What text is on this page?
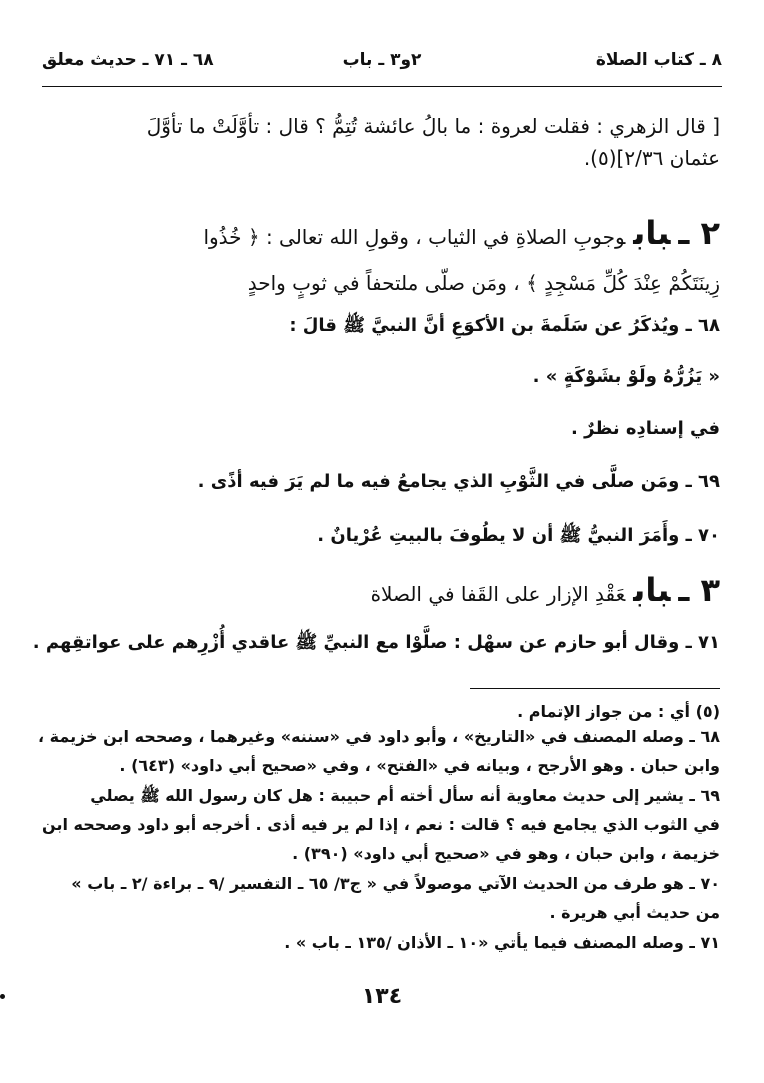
٨ ـ كتاب الصلاة
٢و٣ ـ باب
٦٨ ـ ٧١ ـ حديث معلق
[ قال الزهري : فقلت لعروة : ما بالُ عائشة تُتِمُّ ؟ قال : تأوَّلَتْ ما تأوَّلَ
عثمان ٢/٣٦](٥).
٢ ـبابوجوبِ الصلاةِ في الثياب ، وقولِ الله تعالى : ﴿ خُذُوا
زِينَتَكُمْ عِنْدَ كُلِّ مَسْجِدٍ ﴾ ، ومَن صلّى ملتحفاً في ثوبٍ واحدٍ
٦٨ ـ ويُذكَرُ عن سَلَمةَ بن الأكوَعِ أنَّ النبيَّ ﷺ قالَ :
« يَزُرُّهُ ولَوْ بشَوْكَةٍ » .
في إسنادِه نظرٌ .
٦٩ ـ ومَن صلَّى في الثَّوْبِ الذي يجامعُ فيه ما لم يَرَ فيه أذًى .
٧٠ ـ وأَمَرَ النبيُّ ﷺ أن لا يطُوفَ بالبيتِ عُرْيانٌ .
٣ ـبابعَقْدِ الإزار على القَفا في الصلاة
٧١ ـ وقال أبو حازم عن سهْل : صلَّوْا مع النبيِّ ﷺ عاقدي أُزْرِهم على عواتقِهم .
(٥) أي : من جواز الإتمام .
٦٨ ـ وصله المصنف في «التاريخ» ، وأبو داود في «سننه» وغيرهما ، وصححه ابن خزيمة ،
وابن حبان . وهو الأرجح ، وبيانه في «الفتح» ، وفي «صحيح أبي داود» (٦٤٣) .
٦٩ ـ يشير إلى حديث معاوية أنه سأل أخته أم حبيبة : هل كان رسول الله ﷺ يصلي
في الثوب الذي يجامع فيه ؟ قالت : نعم ، إذا لم ير فيه أذى . أخرجه أبو داود وصححه ابن
خزيمة ، وابن حبان ، وهو في «صحيح أبي داود» (٣٩٠) .
٧٠ ـ هو طرف من الحديث الآتي موصولاً في « ج٣/ ٦٥ ـ التفسير /٩ ـ براءة /٢ ـ باب »
من حديث أبي هريرة .
٧١ ـ وصله المصنف فيما يأتي «١٠ ـ الأذان /١٣٥ ـ باب » .
١٣٤
